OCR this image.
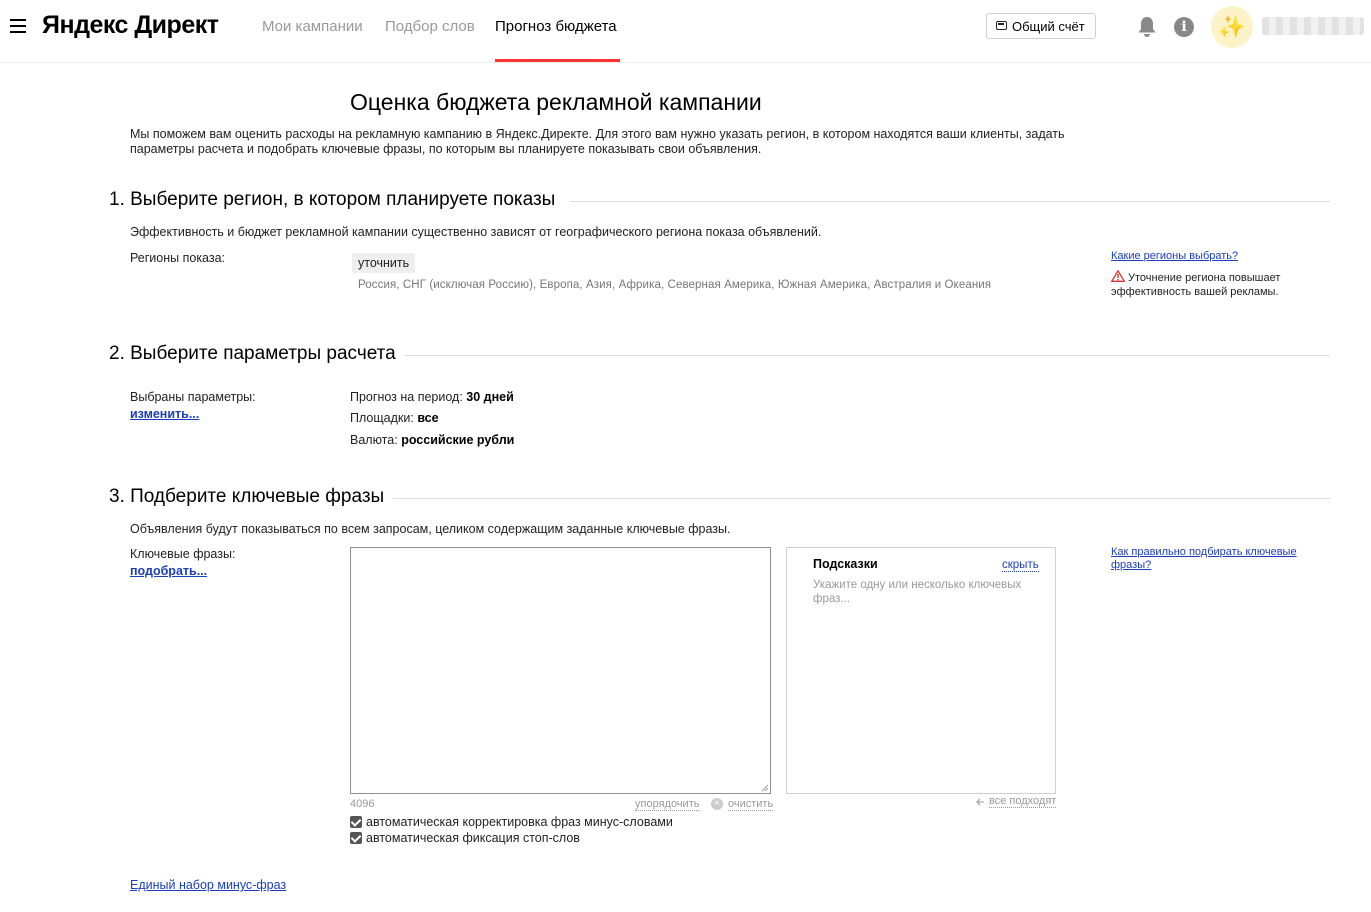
Яндекс Директ	Мои кампании Подбор слов Прогноз бюджета	Общий счёт	i	✨
Оценка бюджета рекламной кампании
Мы поможем вам оценить расходы на рекламную кампанию в Яндекс.Директе. Для этого вам нужно указать регион, в котором находятся ваши клиенты, задать параметры расчета и подобрать ключевые фразы, по которым вы планируете показывать свои объявления.
1. Выберите регион, в котором планируете показы
Эффективность и бюджет рекламной кампании существенно зависят от географического региона показа объявлений.
Регионы показа:	уточнить
Россия, СНГ (исключая Россию), Европа, Азия, Африка, Северная Америка, Южная Америка, Австралия и Океания
Какие регионы выбрать?
Уточнение региона повышает эффективность вашей рекламы.
2. Выберите параметры расчета
Выбраны параметры:
изменить...
Прогноз на период: 30 дней
Площадки: все
Валюта: российские рубли
3. Подберите ключевые фразы
Объявления будут показываться по всем запросам, целиком содержащим заданные ключевые фразы.
Ключевые фразы:
подобрать...
4096	упорядочить	× очистить
Подсказки	скрыть
Укажите одну или несколько ключевых фраз...
все подходят
Как правильно подбирать ключевые фразы?
автоматическая корректировка фраз минус-словами
автоматическая фиксация стоп-слов
Единый набор минус-фраз
